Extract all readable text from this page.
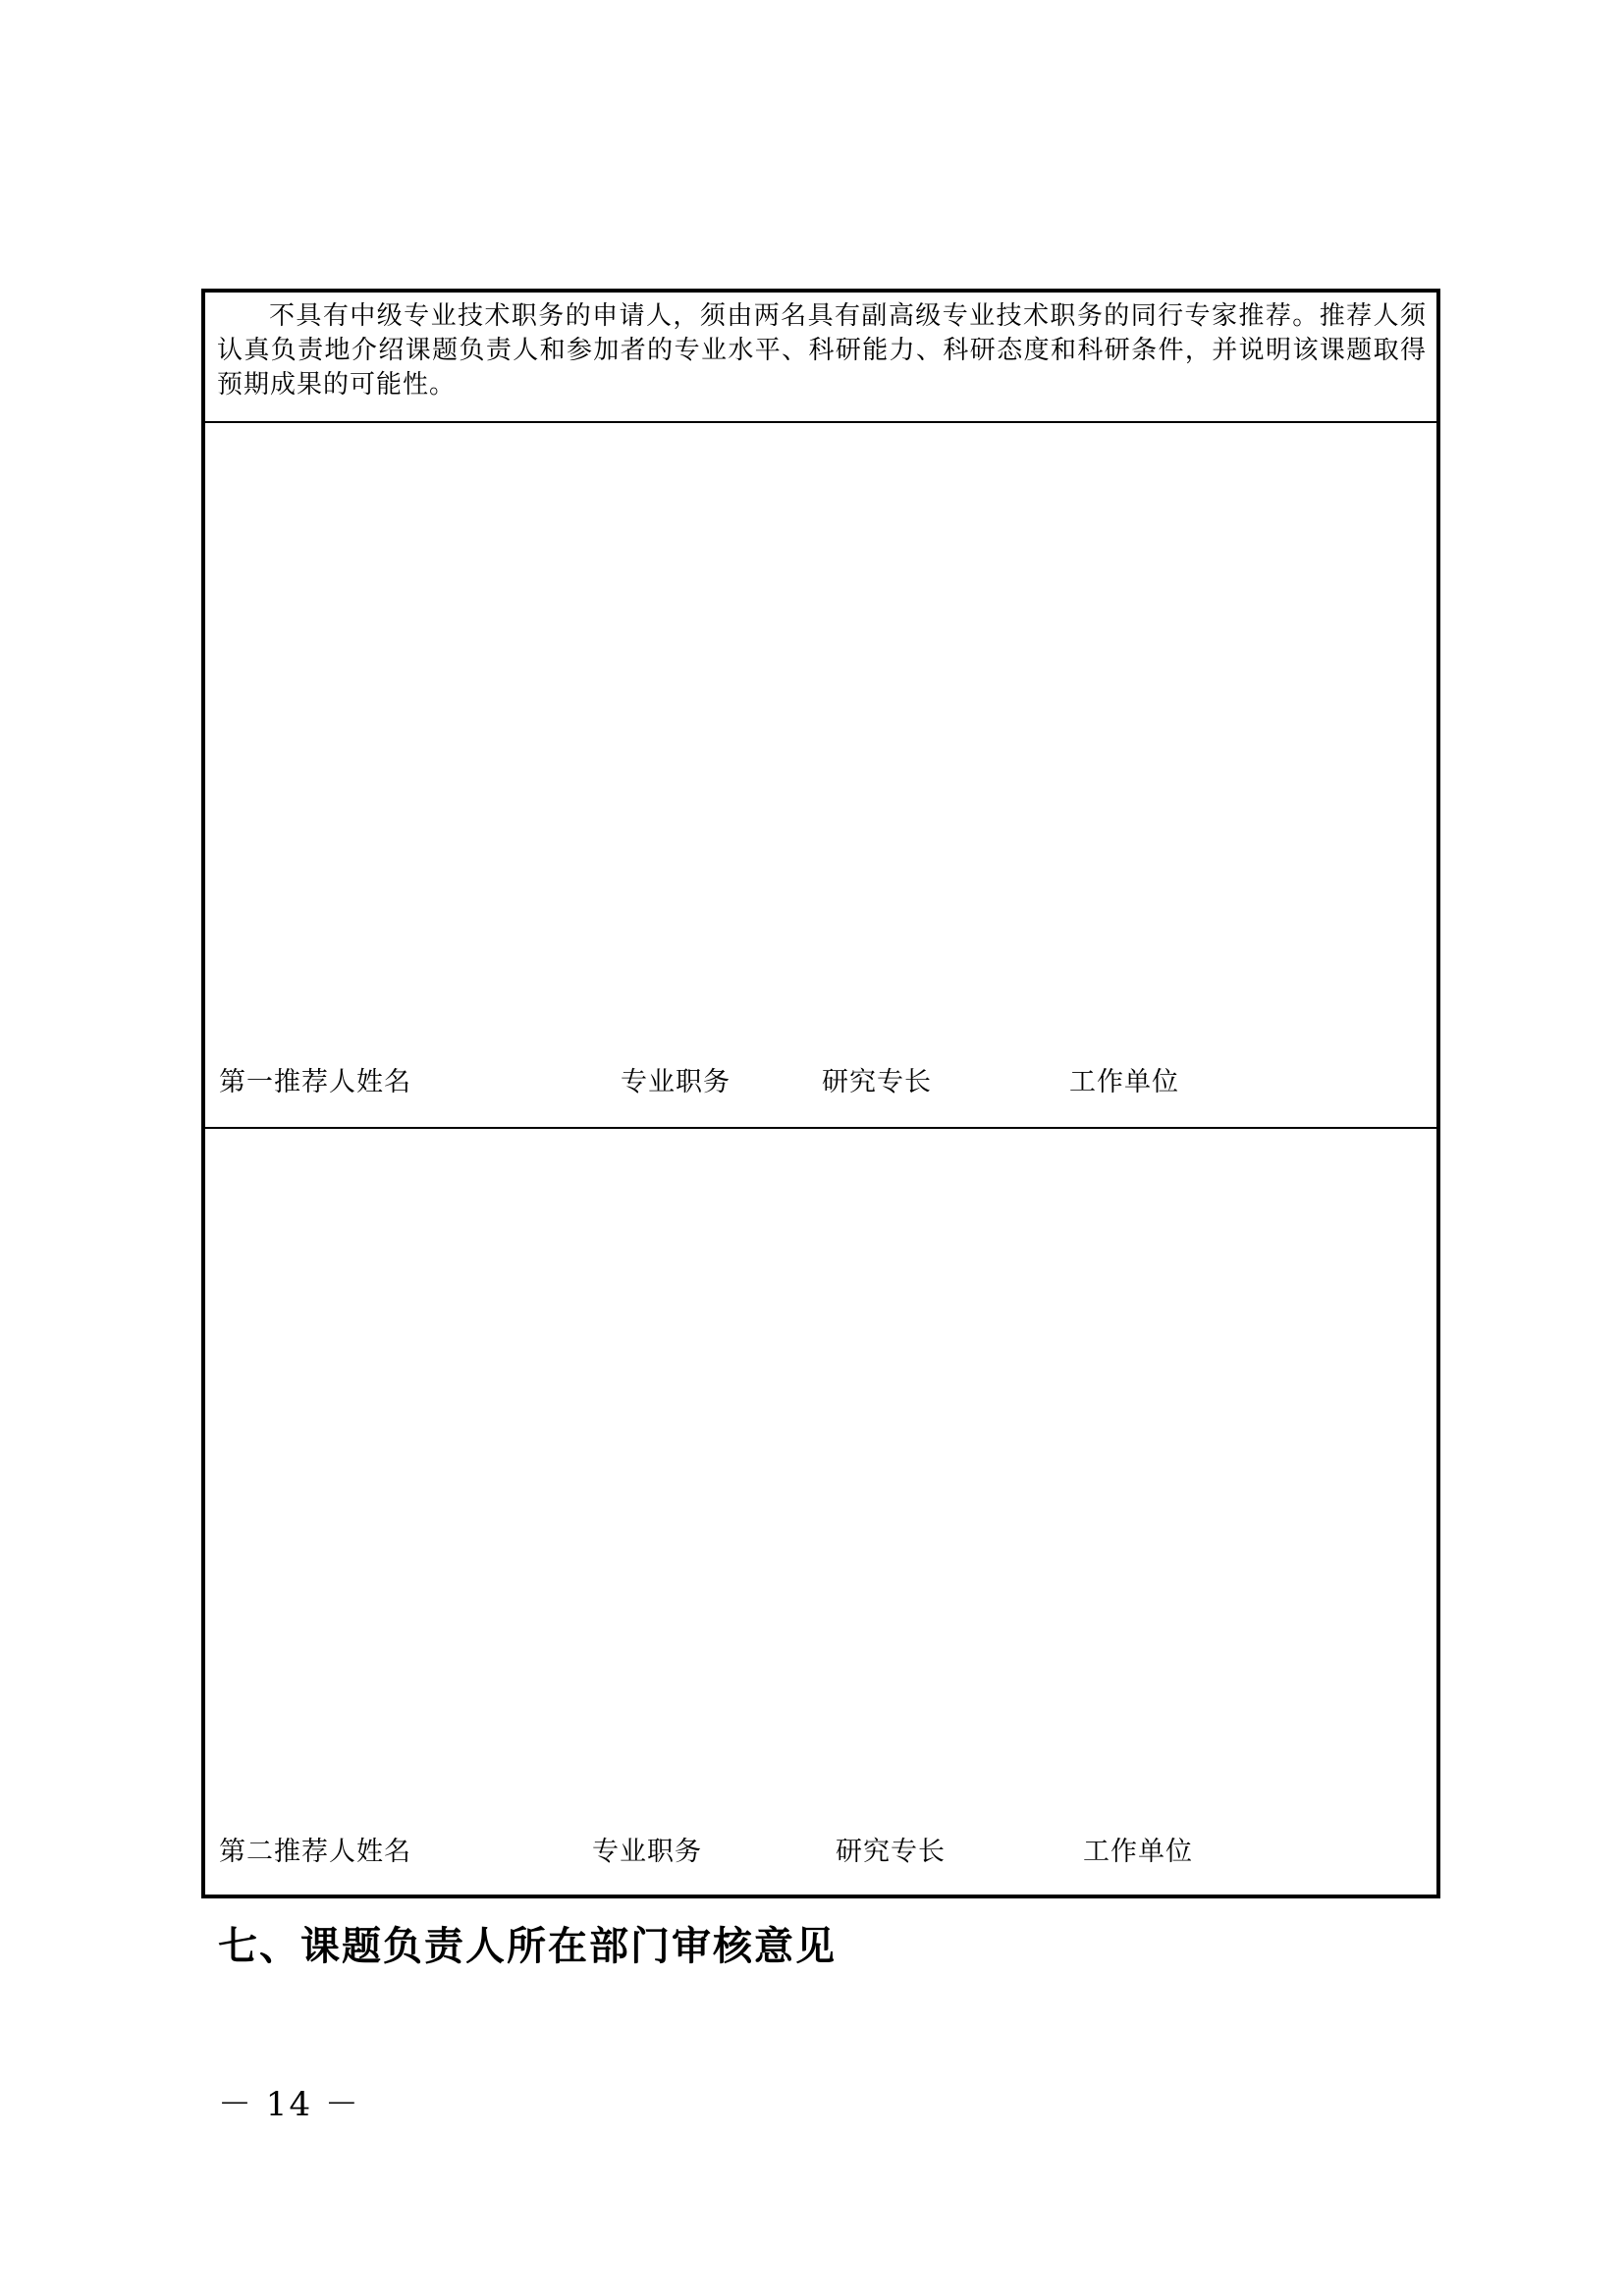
不具有中级专业技术职务的申请人，须由两名具有副高级专业技术职务的同行专家推荐。推荐人须认真负责地介绍课题负责人和参加者的专业水平、科研能力、科研态度和科研条件，并说明该课题取得预期成果的可能性。

第一推荐人姓名	专业职务	研究专长	工作单位
第二推荐人姓名	专业职务	研究专长	工作单位
七、课题负责人所在部门审核意见
－ 14 －
